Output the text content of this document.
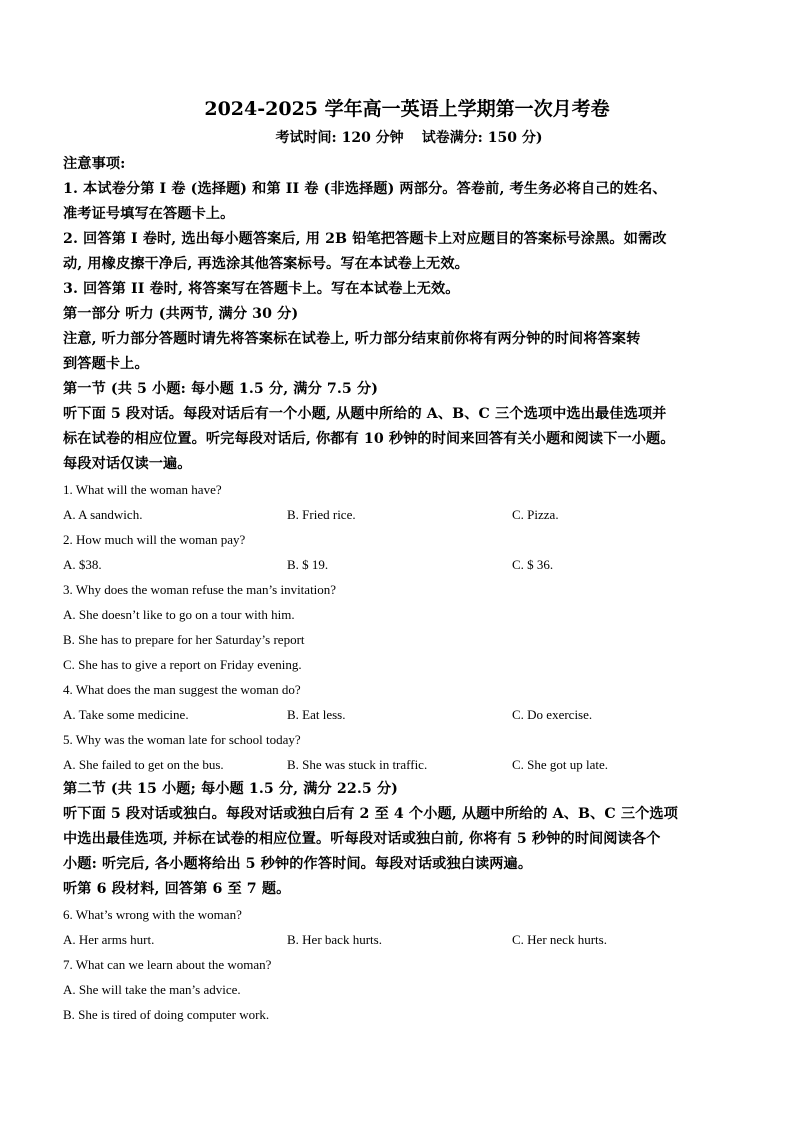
2024-2025 学年高一英语上学期第一次月考卷
考试时间: 120 分钟 试卷满分: 150 分)

注意事项:

1. 本试卷分第 I 卷 (选择题) 和第 II 卷 (非选择题) 两部分。答卷前, 考生务必将自己的姓名、

准考证号填写在答题卡上。

2. 回答第 I 卷时, 选出每小题答案后, 用 2B 铅笔把答题卡上对应题目的答案标号涂黑。如需改

动, 用橡皮擦干净后, 再选涂其他答案标号。写在本试卷上无效。

3. 回答第 II 卷时, 将答案写在答题卡上。写在本试卷上无效。

第一部分 听力 (共两节, 满分 30 分)

注意, 听力部分答题时请先将答案标在试卷上, 听力部分结束前你将有两分钟的时间将答案转

到答题卡上。

第一节 (共 5 小题: 每小题 1.5 分, 满分 7.5 分)

听下面 5 段对话。每段对话后有一个小题, 从题中所给的 A、B、C 三个选项中选出最佳选项并

标在试卷的相应位置。听完每段对话后, 你都有 10 秒钟的时间来回答有关小题和阅读下一小题。

每段对话仅读一遍。

1. What will the woman have?

A. A sandwich.	B. Fried rice.	C. Pizza.

2. How much will the woman pay?

A. $38.	B. $ 19.	C. $ 36.

3. Why does the woman refuse the man’s invitation?

A. She doesn’t like to go on a tour with him.

B. She has to prepare for her Saturday’s report

C. She has to give a report on Friday evening.

4. What does the man suggest the woman do?

A. Take some medicine.	B. Eat less.	C. Do exercise.

5. Why was the woman late for school today?

A. She failed to get on the bus.	B. She was stuck in traffic.	C. She got up late.

第二节 (共 15 小题; 每小题 1.5 分, 满分 22.5 分)

听下面 5 段对话或独白。每段对话或独白后有 2 至 4 个小题, 从题中所给的 A、B、C 三个选项

中选出最佳选项, 并标在试卷的相应位置。听每段对话或独白前, 你将有 5 秒钟的时间阅读各个

小题: 听完后, 各小题将给出 5 秒钟的作答时间。每段对话或独白读两遍。

听第 6 段材料, 回答第 6 至 7 题。

6. What’s wrong with the woman?

A. Her arms hurt.	B. Her back hurts.	C. Her neck hurts.

7. What can we learn about the woman?

A. She will take the man’s advice.

B. She is tired of doing computer work.
